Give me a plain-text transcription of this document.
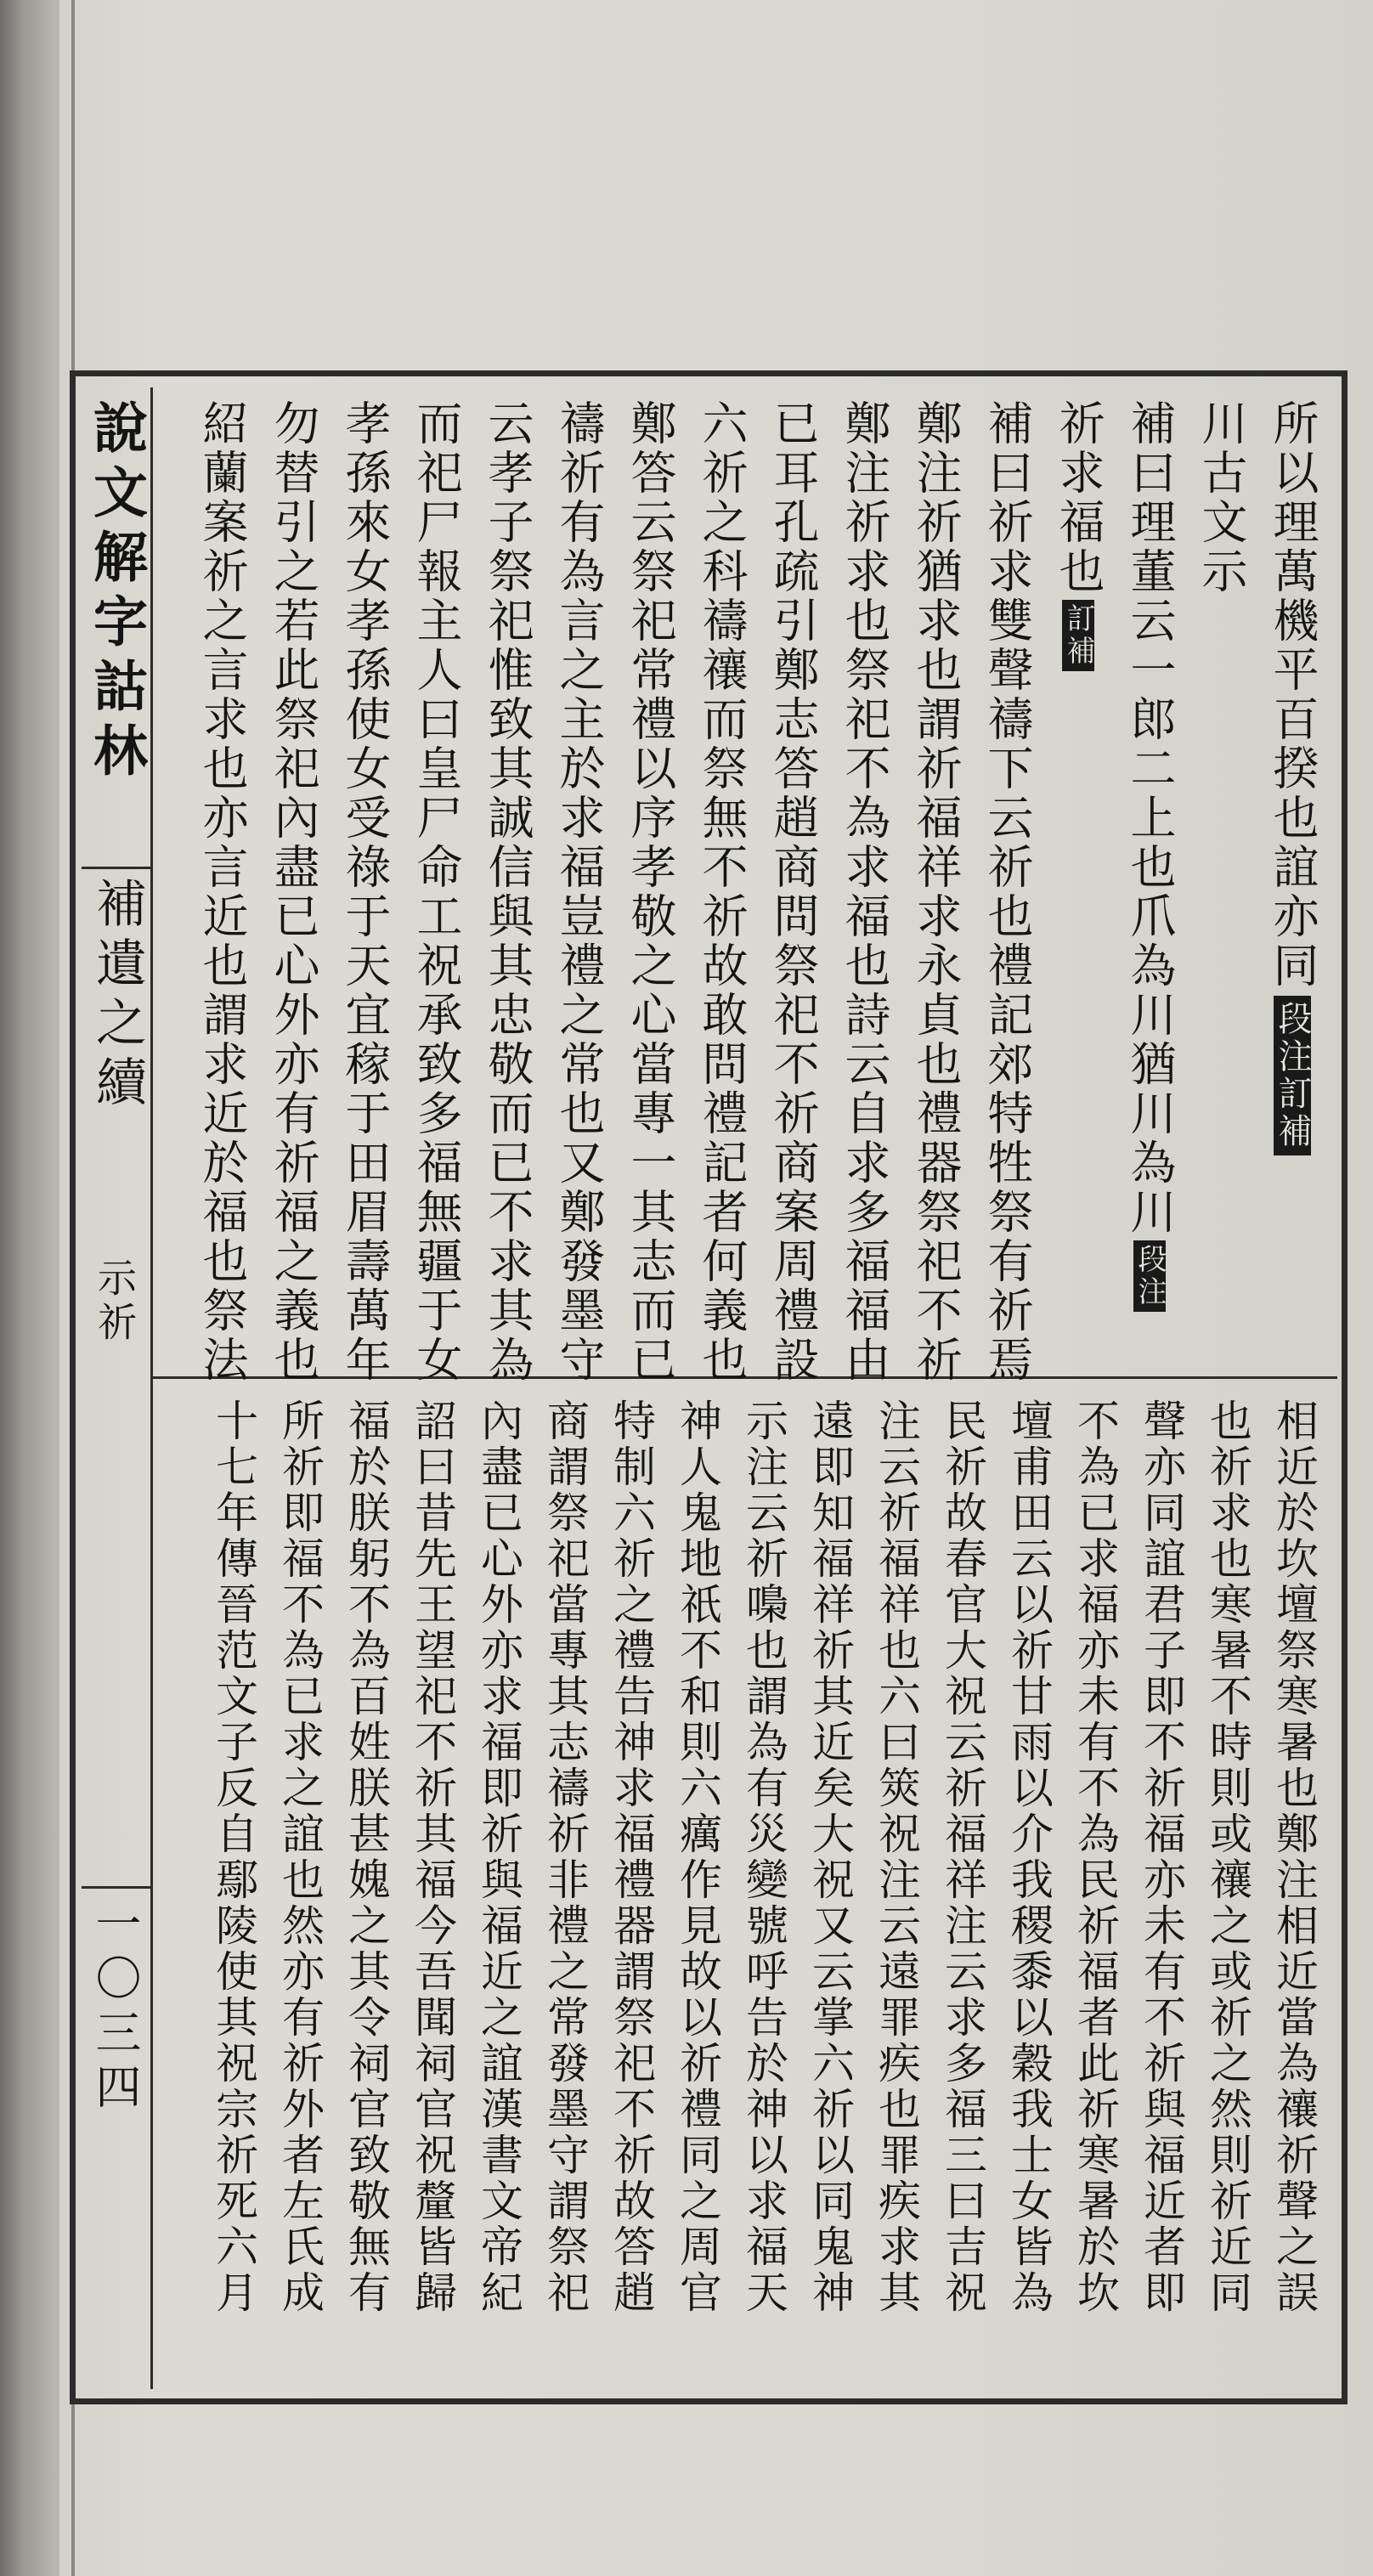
說文解字詁林
補遺之續
示祈
一〇三四
所以理萬機平百揆也誼亦同段注訂補
川古文示
補曰理董云一郎二上也爪為川猶川為川段注
祈求福也訂補
補曰祈求雙聲禱下云祈也禮記郊特牲祭有祈焉
鄭注祈猶求也謂祈福祥求永貞也禮器祭祀不祈
鄭注祈求也祭祀不為求福也詩云自求多福福由
已耳孔疏引鄭志答趙商問祭祀不祈商案周禮設
六祈之科禱禳而祭無不祈故敢問禮記者何義也
鄭答云祭祀常禮以序孝敬之心當專一其志而已
禱祈有為言之主於求福豈禮之常也又鄭發墨守
云孝子祭祀惟致其誠信與其忠敬而已不求其為
而祀尸報主人曰皇尸命工祝承致多福無疆于女
孝孫來女孝孫使女受祿于天宜稼于田眉壽萬年
勿替引之若此祭祀內盡已心外亦有祈福之義也
紹蘭案祈之言求也亦言近也謂求近於福也祭法
相近於坎壇祭寒暑也鄭注相近當為禳祈聲之誤
也祈求也寒暑不時則或禳之或祈之然則祈近同
聲亦同誼君子即不祈福亦未有不祈與福近者即
不為已求福亦未有不為民祈福者此祈寒暑於坎
壇甫田云以祈甘雨以介我稷黍以穀我士女皆為
民祈故春官大祝云祈福祥注云求多福三曰吉祝
注云祈福祥也六曰筴祝注云遠罪疾也罪疾求其
遠即知福祥祈其近矣大祝又云掌六祈以同鬼神
示注云祈嘄也謂為有災變號呼告於神以求福天
神人鬼地祇不和則六癘作見故以祈禮同之周官
特制六祈之禮告神求福禮器謂祭祀不祈故答趙
商謂祭祀當專其志禱祈非禮之常發墨守謂祭祀
內盡已心外亦求福即祈與福近之誼漢書文帝紀
詔曰昔先王望祀不祈其福今吾聞祠官祝釐皆歸
福於朕躬不為百姓朕甚媿之其令祠官致敬無有
所祈即福不為已求之誼也然亦有祈外者左氏成
十七年傳晉范文子反自鄢陵使其祝宗祈死六月
